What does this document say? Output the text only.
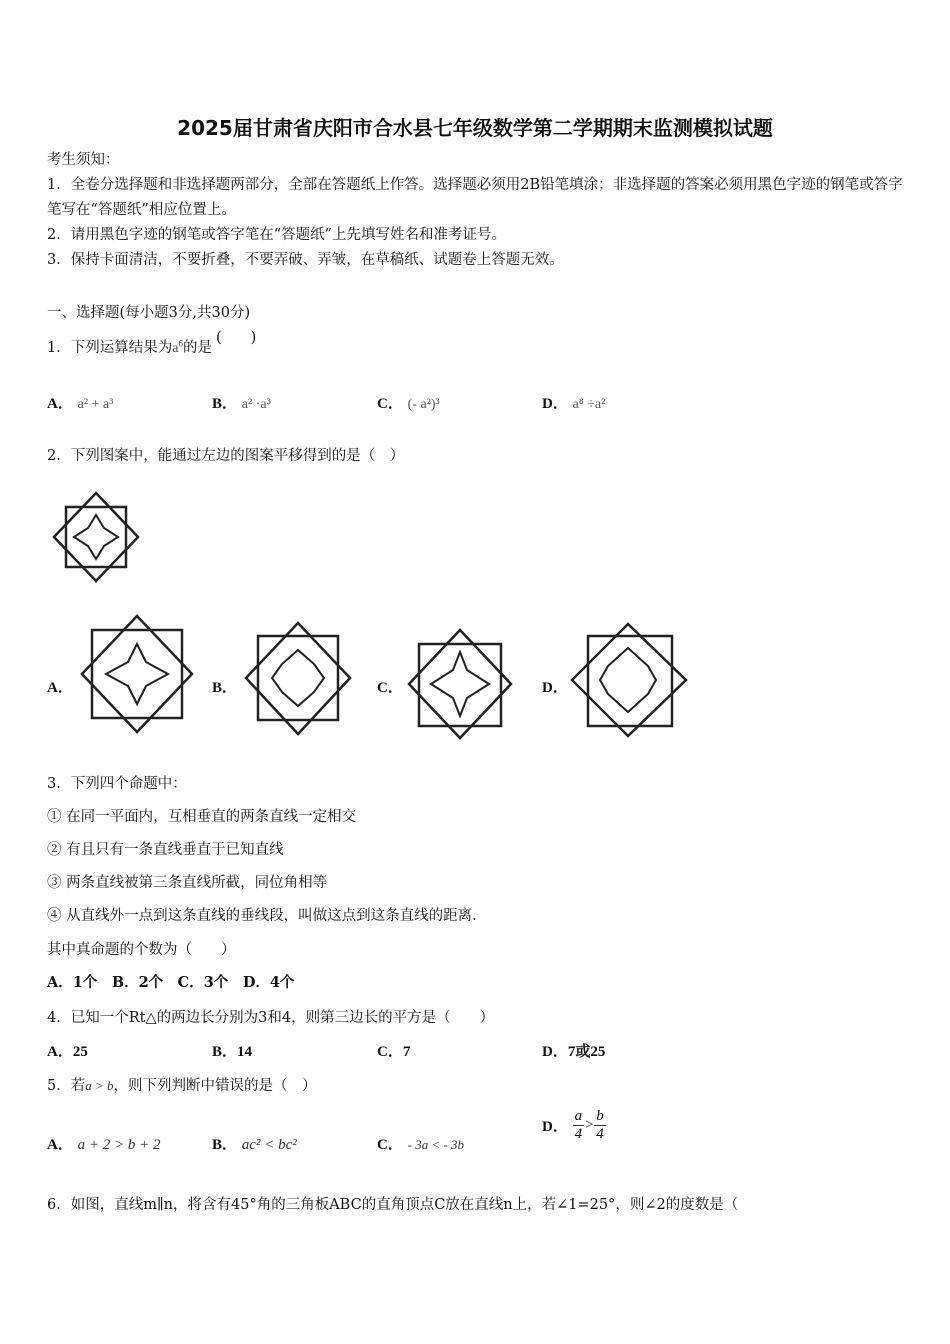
2025届甘肃省庆阳市合水县七年级数学第二学期期末监测模拟试题

考生须知：

1．全卷分选择题和非选择题两部分，全部在答题纸上作答。选择题必须用2B铅笔填涂；非选择题的答案必须用黑色字迹的钢笔或答字笔写在“答题纸”相应位置上。

2．请用黑色字迹的钢笔或答字笔在“答题纸”上先填写姓名和准考证号。

3．保持卡面清洁，不要折叠，不要弄破、弄皱，在草稿纸、试题卷上答题无效。

一、选择题(每小题3分,共30分)
1．下列运算结果为$a^6$的是(　　)
A． a² + a³	B． a² ·a³	C． (- a²)³	D． a⁸ ÷a²
2．下列图案中，能通过左边的图案平移得到的是（　）
A．	B．	C．	D．
3．下列四个命题中：
① 在同一平面内，互相垂直的两条直线一定相交
② 有且只有一条直线垂直于已知直线
③ 两条直线被第三条直线所截，同位角相等
④ 从直线外一点到这条直线的垂线段，叫做这点到这条直线的距离.
其中真命题的个数为（　　）
A．1个　B．2个　C．3个　D．4个
4．已知一个Rt△的两边长分别为3和4，则第三边长的平方是（　　）
A．25	B．14	C．7	D．7或25
5．若a > b，则下列判断中错误的是（　）
A． a + 2 > b + 2	B． ac² < bc²	C． - 3a < - 3b
D． $\frac{a}{4} > \frac{b}{4}$
6．如图，直线m∥n，将含有45°角的三角板ABC的直角顶点C放在直线n上，若∠1=25°，则∠2的度数是（
